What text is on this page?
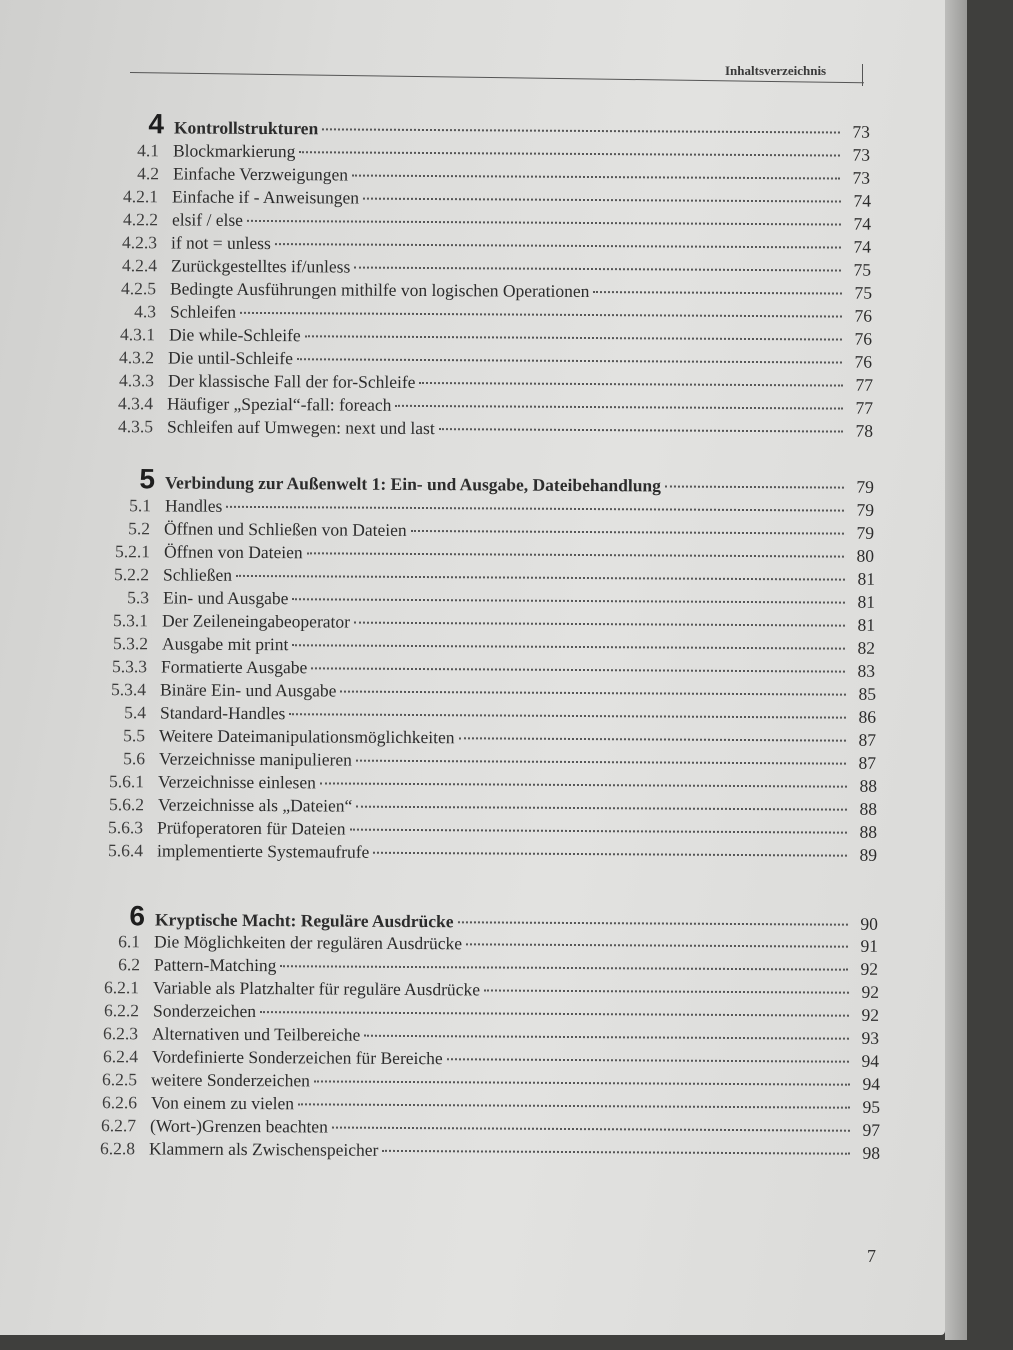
Inhaltsverzeichnis
4 Kontrollstrukturen	73
4.1 Blockmarkierung	73
4.2 Einfache Verzweigungen	73
4.2.1 Einfache if - Anweisungen	74
4.2.2 elsif / else	74
4.2.3 if not = unless	74
4.2.4 Zurückgestelltes if/unless	75
4.2.5 Bedingte Ausführungen mithilfe von logischen Operationen	75
4.3 Schleifen	76
4.3.1 Die while-Schleife	76
4.3.2 Die until-Schleife	76
4.3.3 Der klassische Fall der for-Schleife	77
4.3.4 Häufiger „Spezial“-fall: foreach	77
4.3.5 Schleifen auf Umwegen: next und last	78
5 Verbindung zur Außenwelt 1: Ein- und Ausgabe, Dateibehandlung	79
5.1 Handles	79
5.2 Öffnen und Schließen von Dateien	79
5.2.1 Öffnen von Dateien	80
5.2.2 Schließen	81
5.3 Ein- und Ausgabe	81
5.3.1 Der Zeileneingabeoperator	81
5.3.2 Ausgabe mit print	82
5.3.3 Formatierte Ausgabe	83
5.3.4 Binäre Ein- und Ausgabe	85
5.4 Standard-Handles	86
5.5 Weitere Dateimanipulationsmöglichkeiten	87
5.6 Verzeichnisse manipulieren	87
5.6.1 Verzeichnisse einlesen	88
5.6.2 Verzeichnisse als „Dateien“	88
5.6.3 Prüfoperatoren für Dateien	88
5.6.4 implementierte Systemaufrufe	89
6 Kryptische Macht: Reguläre Ausdrücke	90
6.1 Die Möglichkeiten der regulären Ausdrücke	91
6.2 Pattern-Matching	92
6.2.1 Variable als Platzhalter für reguläre Ausdrücke	92
6.2.2 Sonderzeichen	92
6.2.3 Alternativen und Teilbereiche	93
6.2.4 Vordefinierte Sonderzeichen für Bereiche	94
6.2.5 weitere Sonderzeichen	94
6.2.6 Von einem zu vielen	95
6.2.7 (Wort-)Grenzen beachten	97
6.2.8 Klammern als Zwischenspeicher	98
7
